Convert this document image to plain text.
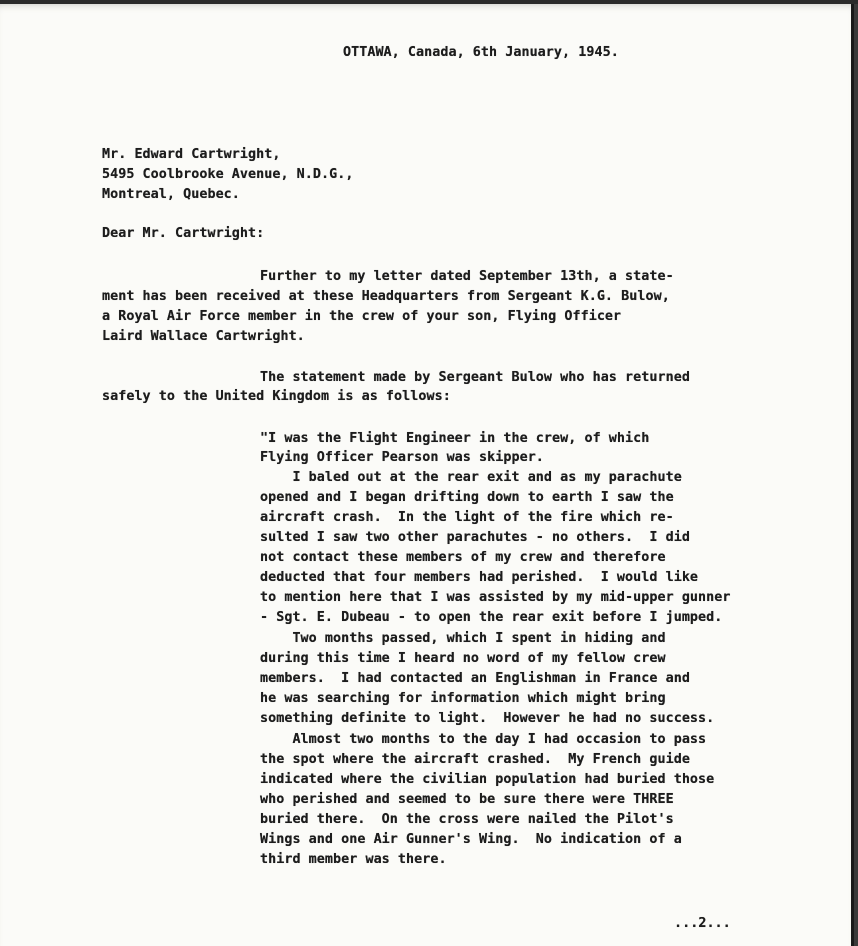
OTTAWA, Canada, 6th January, 1945.
Mr. Edward Cartwright,
5495 Coolbrooke Avenue, N.D.G.,
Montreal, Quebec.
Dear Mr. Cartwright:
Further to my letter dated September 13th, a state-
ment has been received at these Headquarters from Sergeant K.G. Bulow,
a Royal Air Force member in the crew of your son, Flying Officer
Laird Wallace Cartwright.
The statement made by Sergeant Bulow who has returned
safely to the United Kingdom is as follows:
"I was the Flight Engineer in the crew, of which
Flying Officer Pearson was skipper.
I baled out at the rear exit and as my parachute
opened and I began drifting down to earth I saw the
aircraft crash.  In the light of the fire which re-
sulted I saw two other parachutes - no others.  I did
not contact these members of my crew and therefore
deducted that four members had perished.  I would like
to mention here that I was assisted by my mid-upper gunner
- Sgt. E. Dubeau - to open the rear exit before I jumped.
Two months passed, which I spent in hiding and
during this time I heard no word of my fellow crew
members.  I had contacted an Englishman in France and
he was searching for information which might bring
something definite to light.  However he had no success.
Almost two months to the day I had occasion to pass
the spot where the aircraft crashed.  My French guide
indicated where the civilian population had buried those
who perished and seemed to be sure there were THREE
buried there.  On the cross were nailed the Pilot's
Wings and one Air Gunner's Wing.  No indication of a
third member was there.
...2...
